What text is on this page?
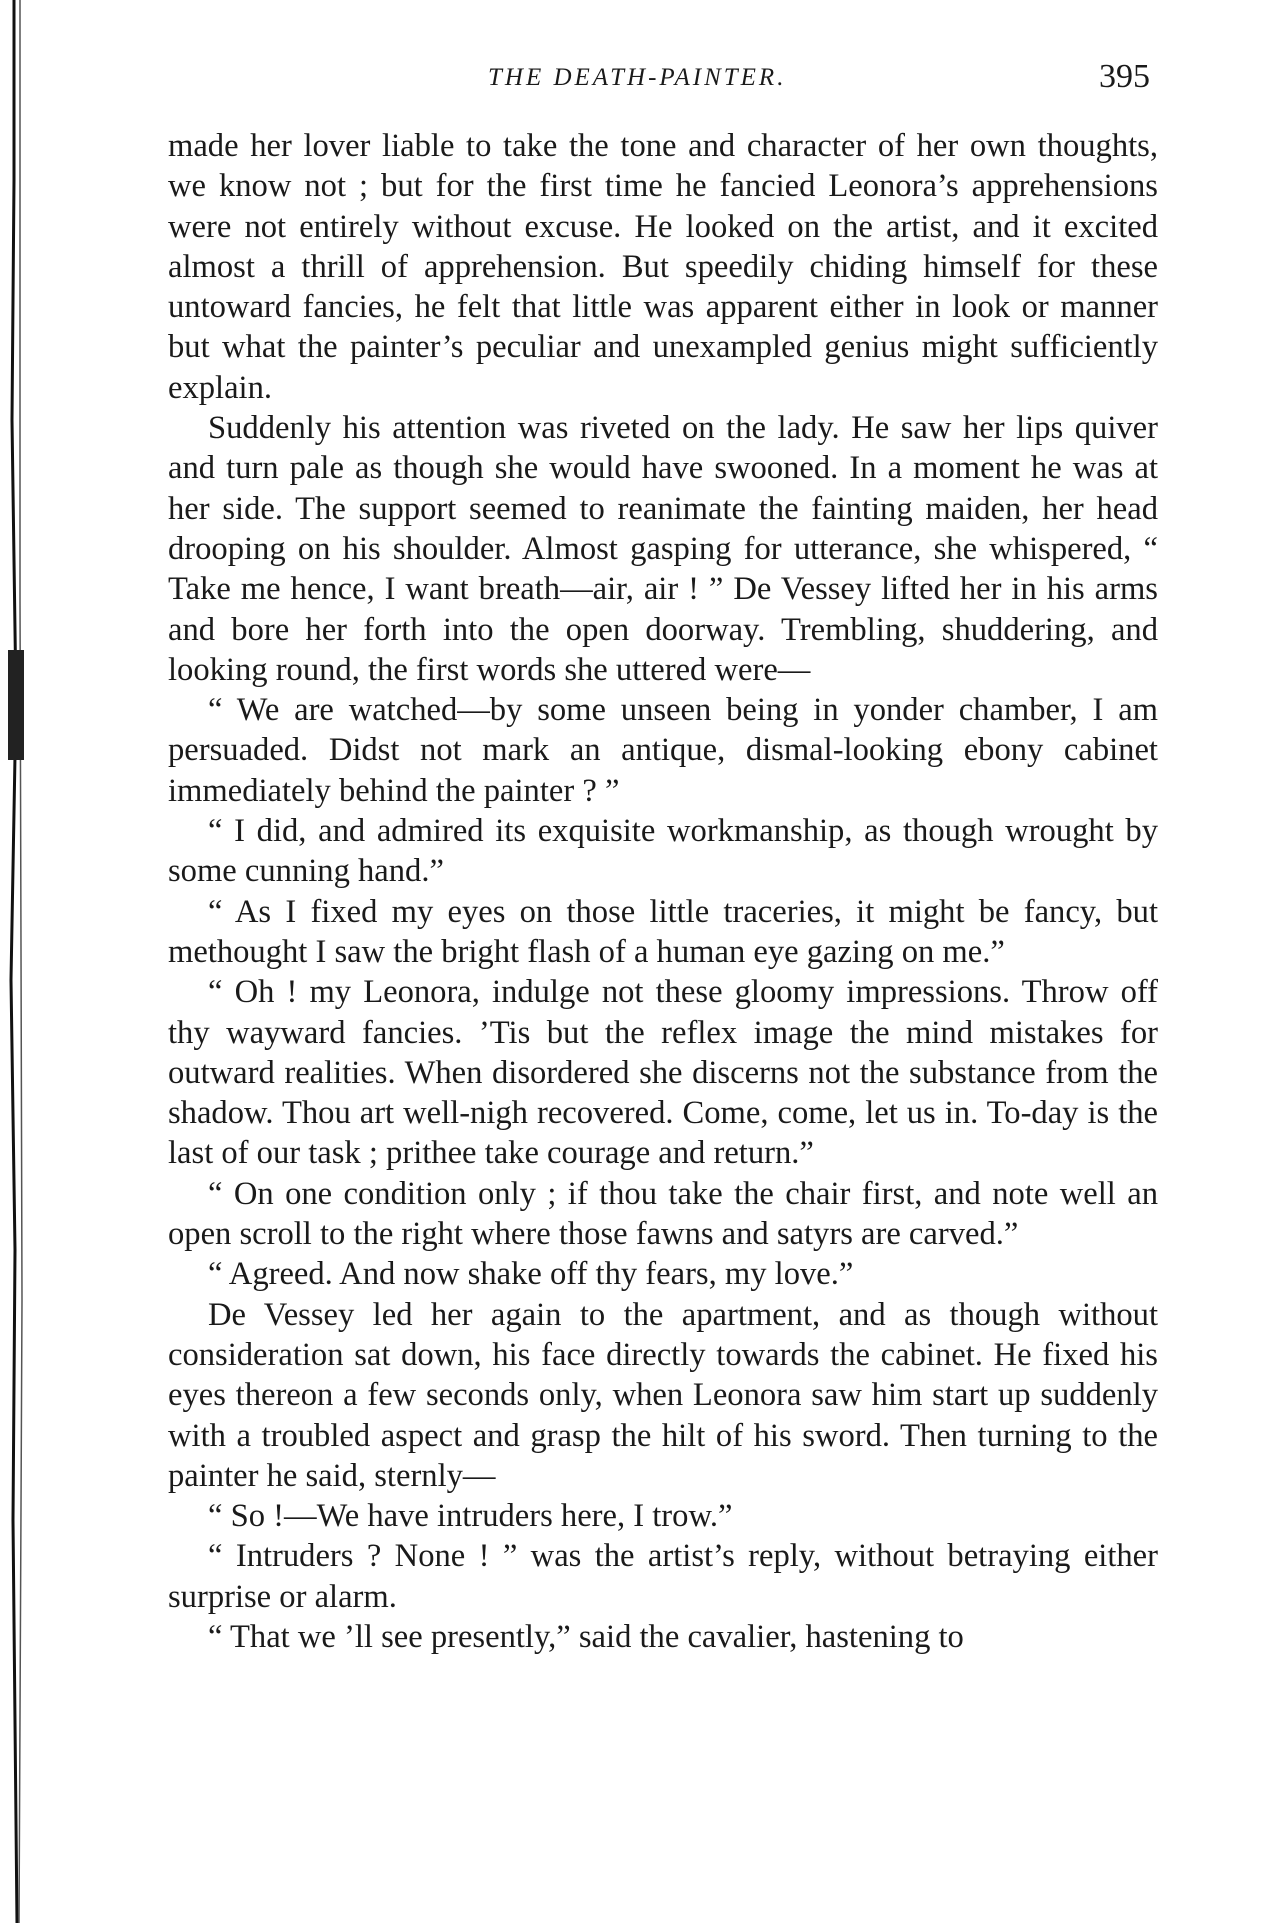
THE DEATH-PAINTER.	395

made her lover liable to take the tone and character of her own thoughts, we know not ; but for the first time he fancied Leonora’s apprehensions were not entirely without excuse. He looked on the artist, and it excited almost a thrill of apprehension. But speedily chiding himself for these untoward fancies, he felt that little was apparent either in look or manner but what the painter’s peculiar and unexampled genius might sufficiently explain.

Suddenly his attention was riveted on the lady. He saw her lips quiver and turn pale as though she would have swooned. In a moment he was at her side. The support seemed to reanimate the fainting maiden, her head drooping on his shoulder. Almost gasping for utterance, she whispered, “ Take me hence, I want breath—air, air ! ” De Vessey lifted her in his arms and bore her forth into the open doorway. Trembling, shuddering, and looking round, the first words she uttered were—

“ We are watched—by some unseen being in yonder chamber, I am persuaded. Didst not mark an antique, dismal-looking ebony cabinet immediately behind the painter ? ”

“ I did, and admired its exquisite workmanship, as though wrought by some cunning hand.”

“ As I fixed my eyes on those little traceries, it might be fancy, but methought I saw the bright flash of a human eye gazing on me.”

“ Oh ! my Leonora, indulge not these gloomy impressions. Throw off thy wayward fancies. ’Tis but the reflex image the mind mistakes for outward realities. When disordered she discerns not the substance from the shadow. Thou art well-nigh recovered. Come, come, let us in. To-day is the last of our task ; prithee take courage and return.”

“ On one condition only ; if thou take the chair first, and note well an open scroll to the right where those fawns and satyrs are carved.”

“ Agreed. And now shake off thy fears, my love.”

De Vessey led her again to the apartment, and as though without consideration sat down, his face directly towards the cabinet. He fixed his eyes thereon a few seconds only, when Leonora saw him start up suddenly with a troubled aspect and grasp the hilt of his sword. Then turning to the painter he said, sternly—

“ So !—We have intruders here, I trow.”

“ Intruders ? None ! ” was the artist’s reply, without betraying either surprise or alarm.

“ That we ’ll see presently,” said the cavalier, hastening to
